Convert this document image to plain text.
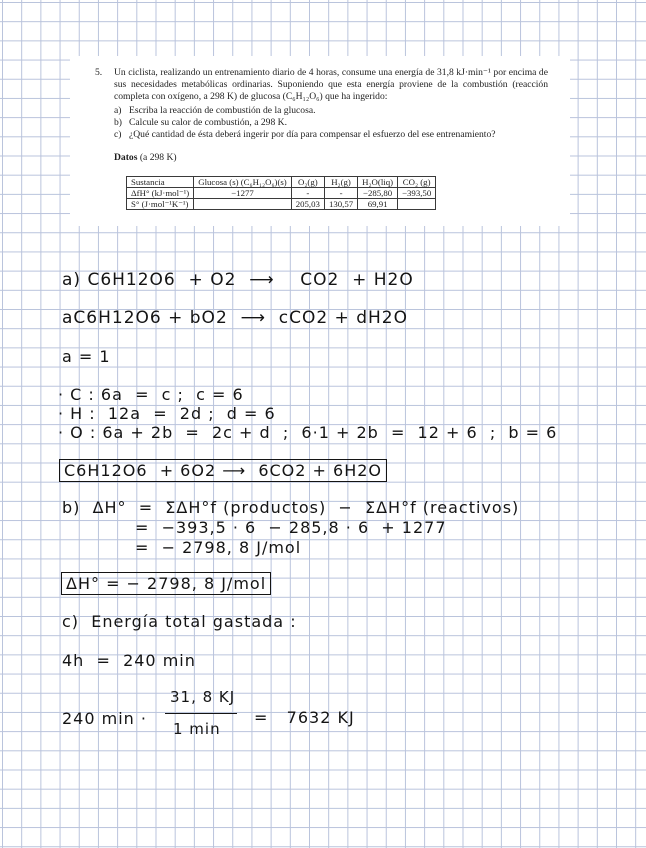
5. Un ciclista, realizando un entrenamiento diario de 4 horas, consume una energía de 31,8 kJ·min⁻¹ por encima de sus necesidades metabólicas ordinarias. Suponiendo que esta energía proviene de la combustión (reacción completa con oxígeno, a 298 K) de glucosa (C₆H₁₂O₆) que ha ingerido:
a) Escriba la reacción de combustión de la glucosa.
b) Calcule su calor de combustión, a 298 K.
c) ¿Qué cantidad de ésta deberá ingerir por día para compensar el esfuerzo del ese entrenamiento?
Datos (a 298 K)
Sustancia	Glucosa (s) (C₆H₁₂O₆)(s)	O₂(g)	H₂(g)	H₂O(liq)	CO₂ (g)
ΔfH° (kJ·mol⁻¹)	−1277	-	-	−285,80	−393,50
S° (J·mol⁻¹K⁻¹)		205,03	130,57	69,91	
a) C6H12O6  + O2  ⟶    CO2  + H2O
aC6H12O6 + bO2  ⟶  cCO2 + dH2O
a = 1
· C : 6a  =  c ;  c = 6
· H :  12a  =  2d ;  d = 6
· O : 6a + 2b  =  2c + d  ;  6·1 + 2b  =  12 + 6  ;  b = 6
C6H12O6  + 6O2 ⟶  6CO2 + 6H2O
b)  ΔH°  =  ΣΔH°f (productos)  −  ΣΔH°f (reactivos)
=  −393,5 · 6  − 285,8 · 6  + 1277
=  − 2798, 8 J/mol
ΔH° = − 2798, 8 J/mol
c)  Energía total gastada :
4h  =  240 min
240 min ·
31, 8 KJ
1 min
=   7632 KJ
